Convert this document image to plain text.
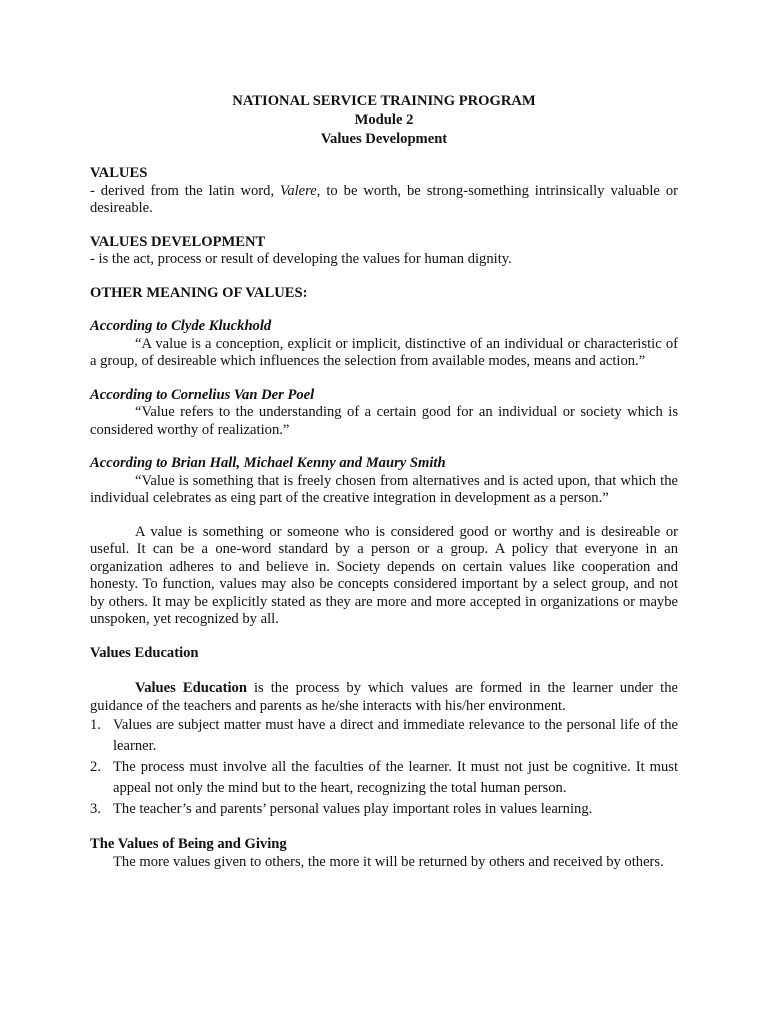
NATIONAL SERVICE TRAINING PROGRAM
Module 2
Values Development
VALUES

- derived from the latin word, Valere, to be worth, be strong-something intrinsically valuable or desireable.

VALUES DEVELOPMENT

- is the act, process or result of developing the values for human dignity.

OTHER MEANING OF VALUES:
According to Clyde Kluckhold

“A value is a conception, explicit or implicit, distinctive of an individual or characteristic of a group, of desireable which influences the selection from available modes, means and action.”

According to Cornelius Van Der Poel

“Value refers to the understanding of a certain good for an individual or society which is considered worthy of realization.”

According to Brian Hall, Michael Kenny and Maury Smith

“Value is something that is freely chosen from alternatives and is acted upon, that which the individual celebrates as eing part of the creative integration in development as a person.”

A value is something or someone who is considered good or worthy and is desireable or useful. It can be a one-word standard by a person or a group. A policy that everyone in an organization adheres to and believe in. Society depends on certain values like cooperation and honesty. To function, values may also be concepts considered important by a select group, and not by others. It may be explicitly stated as they are more and more accepted in organizations or maybe unspoken, yet recognized by all.

Values Education

Values Education is the process by which values are formed in the learner under the guidance of the teachers and parents as he/she interacts with his/her environment.

1. Values are subject matter must have a direct and immediate relevance to the personal life of the learner.
2. The process must involve all the faculties of the learner. It must not just be cognitive. It must appeal not only the mind but to the heart, recognizing the total human person.
3. The teacher’s and parents’ personal values play important roles in values learning.
The Values of Being and Giving

The more values given to others, the more it will be returned by others and received by others.
